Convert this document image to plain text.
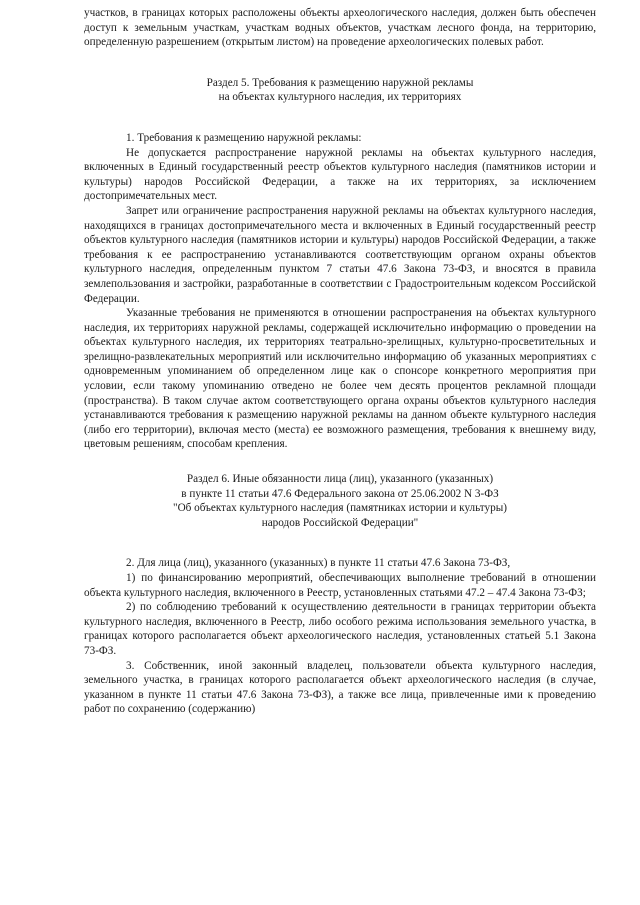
участков, в границах которых расположены объекты археологического наследия, должен быть обеспечен доступ к земельным участкам, участкам водных объектов, участкам лесного фонда, на территорию, определенную разрешением (открытым листом) на проведение археологических полевых работ.

Раздел 5. Требования к размещению наружной рекламы

на объектах культурного наследия, их территориях

1. Требования к размещению наружной рекламы:

Не допускается распространение наружной рекламы на объектах культурного наследия, включенных в Единый государственный реестр объектов культурного наследия (памятников истории и культуры) народов Российской Федерации, а также на их территориях, за исключением достопримечательных мест.

Запрет или ограничение распространения наружной рекламы на объектах культурного наследия, находящихся в границах достопримечательного места и включенных в Единый государственный реестр объектов культурного наследия (памятников истории и культуры) народов Российской Федерации, а также требования к ее распространению устанавливаются соответствующим органом охраны объектов культурного наследия, определенным пунктом 7 статьи 47.6 Закона 73-ФЗ, и вносятся в правила землепользования и застройки, разработанные в соответствии с Градостроительным кодексом Российской Федерации.

Указанные требования не применяются в отношении распространения на объектах культурного наследия, их территориях наружной рекламы, содержащей исключительно информацию о проведении на объектах культурного наследия, их территориях театрально-зрелищных, культурно-просветительных и зрелищно-развлекательных мероприятий или исключительно информацию об указанных мероприятиях с одновременным упоминанием об определенном лице как о спонсоре конкретного мероприятия при условии, если такому упоминанию отведено не более чем десять процентов рекламной площади (пространства). В таком случае актом соответствующего органа охраны объектов культурного наследия устанавливаются требования к размещению наружной рекламы на данном объекте культурного наследия (либо его территории), включая место (места) ее возможного размещения, требования к внешнему виду, цветовым решениям, способам крепления.

Раздел 6. Иные обязанности лица (лиц), указанного (указанных)

в пункте 11 статьи 47.6 Федерального закона от 25.06.2002 N 3-ФЗ

"Об объектах культурного наследия (памятниках истории и культуры)

народов Российской Федерации"

2. Для лица (лиц), указанного (указанных) в пункте 11 статьи 47.6 Закона 73-ФЗ,

1) по финансированию мероприятий, обеспечивающих выполнение требований в отношении объекта культурного наследия, включенного в Реестр, установленных статьями 47.2 – 47.4 Закона 73-ФЗ;

2) по соблюдению требований к осуществлению деятельности в границах территории объекта культурного наследия, включенного в Реестр, либо особого режима использования земельного участка, в границах которого располагается объект археологического наследия, установленных статьей 5.1 Закона 73-ФЗ.

3. Собственник, иной законный владелец, пользователи объекта культурного наследия, земельного участка, в границах которого располагается объект археологического наследия (в случае, указанном в пункте 11 статьи 47.6 Закона 73-ФЗ), а также все лица, привлеченные ими к проведению работ по сохранению (содержанию)
